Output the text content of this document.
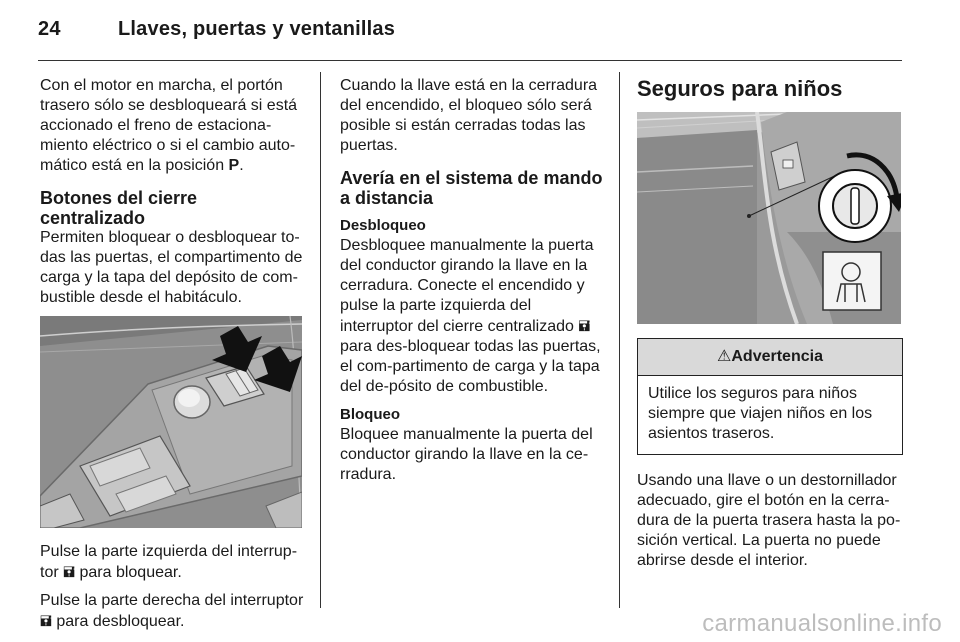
24	Llaves, puertas y ventanillas

Con el motor en marcha, el portón trasero sólo se desbloqueará si está accionado el freno de estaciona-miento eléctrico o si el cambio auto-mático está en la posición P.

Botones del cierre centralizado

Permiten bloquear o desbloquear to-das las puertas, el compartimento de carga y la tapa del depósito de com-bustible desde el habitáculo.

Pulse la parte izquierda del interrup-tor 🖬 para bloquear.

Pulse la parte derecha del interruptor 🖬 para desbloquear.

Cuando la llave está en la cerradura del encendido, el bloqueo sólo será posible si están cerradas todas las puertas.

Avería en el sistema de mando a distancia
Desbloqueo

Desbloquee manualmente la puerta del conductor girando la llave en la cerradura. Conecte el encendido y pulse la parte izquierda del interruptor del cierre centralizado 🖬 para des-bloquear todas las puertas, el com-partimento de carga y la tapa del de-pósito de combustible.

Bloqueo

Bloquee manualmente la puerta del conductor girando la llave en la ce-rradura.

Seguros para niños
⚠Advertencia
Utilice los seguros para niños siempre que viajen niños en los asientos traseros.

Usando una llave o un destornillador adecuado, gire el botón en la cerra-dura de la puerta trasera hasta la po-sición vertical. La puerta no puede abrirse desde el interior.

carmanualsonline.info
